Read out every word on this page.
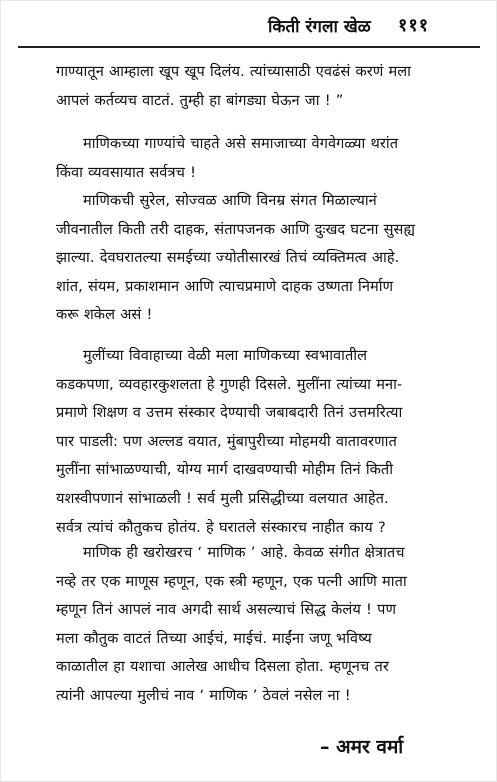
किती रंगला खेळ १११
गाण्यातून आम्हाला खूप खूप दिलंय. त्यांच्यासाठी एवढंसं करणं मला
आपलं कर्तव्यच वाटतं. तुम्ही हा बांगड्या घेऊन जा ! ”
माणिकच्या गाण्यांचे चाहते असे समाजाच्या वेगवेगळ्या थरांत
किंवा व्यवसायात सर्वत्रच !
माणिकची सुरेल, सोज्वळ आणि विनम्र संगत मिळाल्यानं
जीवनातील किती तरी दाहक, संतापजनक आणि दुःखद घटना सुसह्य
झाल्या. देवघरातल्या समईच्या ज्योतीसारखं तिचं व्यक्तिमत्व आहे.
शांत, संयम, प्रकाशमान आणि त्याचप्रमाणे दाहक उष्णता निर्माण
करू शकेल असं !
मुलींच्या विवाहाच्या वेळी मला माणिकच्या स्वभावातील
कडकपणा, व्यवहारकुशलता हे गुणही दिसले. मुलींना त्यांच्या मना-
प्रमाणे शिक्षण व उत्तम संस्कार देण्याची जबाबदारी तिनं उत्तमरित्या
पार पाडली: पण अल्लड वयात, मुंबापुरीच्या मोहमयी वातावरणात
मुलींना सांभाळण्याची, योग्य मार्ग दाखवण्याची मोहीम तिनं किती
यशस्वीपणानं सांभाळली ! सर्व मुली प्रसिद्धीच्या वलयात आहेत.
सर्वत्र त्यांचं कौतुकच होतंय. हे घरातले संस्कारच नाहीत काय ?
माणिक ही खरोखरच ‘ माणिक ’ आहे. केवळ संगीत क्षेत्रातच
नव्हे तर एक माणूस म्हणून, एक स्त्री म्हणून, एक पत्नी आणि माता
म्हणून तिनं आपलं नाव अगदी सार्थ असल्याचं सिद्ध केलंय ! पण
मला कौतुक वाटतं तिच्या आईचं, माईचं. माईंना जणू भविष्य
काळातील हा यशाचा आलेख आधीच दिसला होता. म्हणूनच तर
त्यांनी आपल्या मुलीचं नाव ‘ माणिक ’ ठेवलं नसेल ना !
– अमर वर्मा
